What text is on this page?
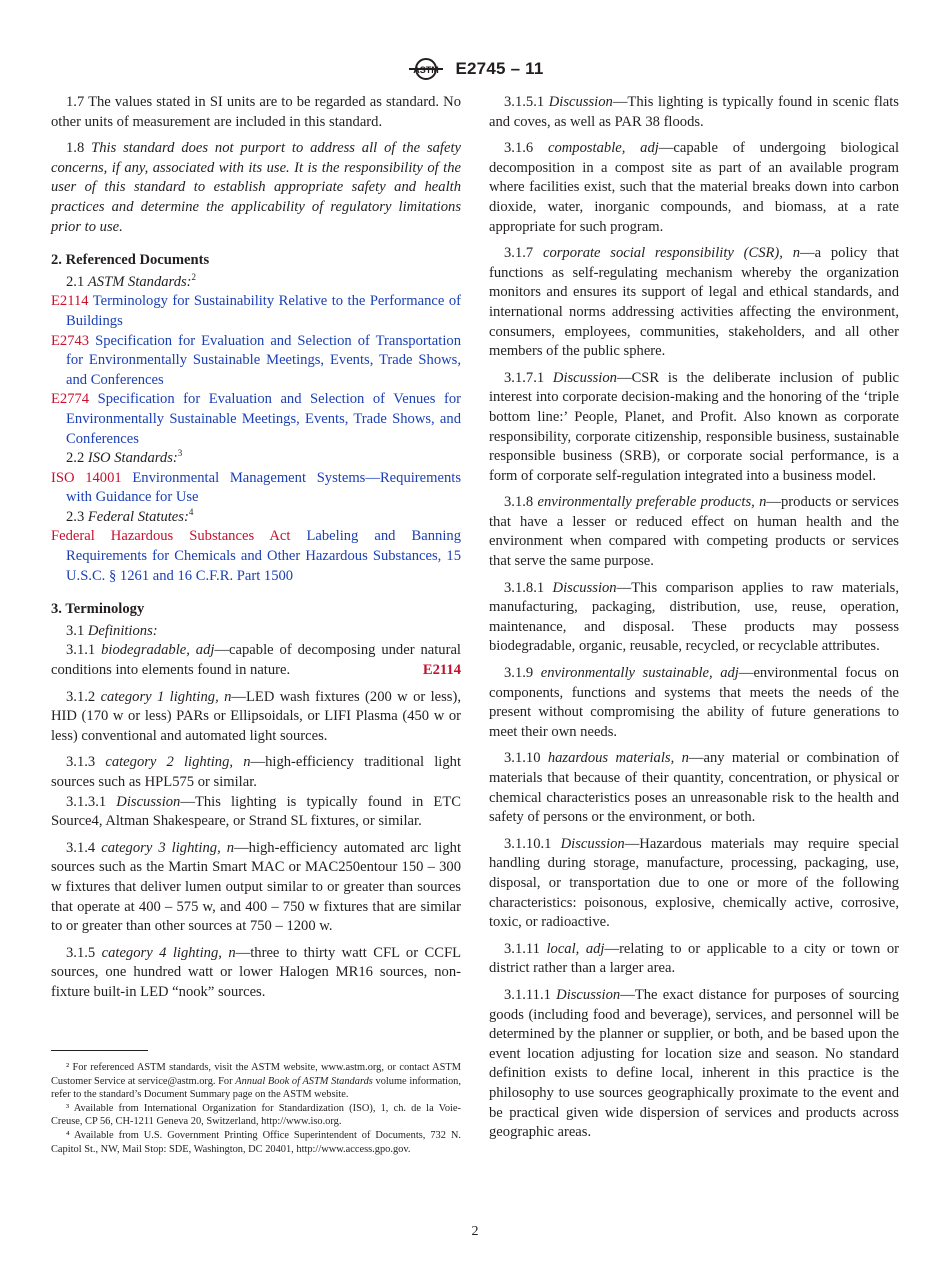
ASTM E2745 – 11

1.7 The values stated in SI units are to be regarded as standard. No other units of measurement are included in this standard.

1.8 This standard does not purport to address all of the safety concerns, if any, associated with its use. It is the responsibility of the user of this standard to establish appropriate safety and health practices and determine the applicability of regulatory limitations prior to use.

2. Referenced Documents

2.1 ASTM Standards:$^2$

E2114 Terminology for Sustainability Relative to the Performance of Buildings

E2743 Specification for Evaluation and Selection of Transportation for Environmentally Sustainable Meetings, Events, Trade Shows, and Conferences

E2774 Specification for Evaluation and Selection of Venues for Environmentally Sustainable Meetings, Events, Trade Shows, and Conferences

2.2 ISO Standards:$^3$

ISO 14001 Environmental Management Systems—Requirements with Guidance for Use

2.3 Federal Statutes:$^4$

Federal Hazardous Substances Act Labeling and Banning Requirements for Chemicals and Other Hazardous Substances, 15 U.S.C. § 1261 and 16 C.F.R. Part 1500

3. Terminology

3.1 Definitions:

3.1.1 biodegradable, adj—capable of decomposing under natural conditions into elements found in nature.	E2114

3.1.2 category 1 lighting, n—LED wash fixtures (200 w or less), HID (170 w or less) PARs or Ellipsoidals, or LIFI Plasma (450 w or less) conventional and automated light sources.

3.1.3 category 2 lighting, n—high-efficiency traditional light sources such as HPL575 or similar.

3.1.3.1 Discussion—This lighting is typically found in ETC Source4, Altman Shakespeare, or Strand SL fixtures, or similar.

3.1.4 category 3 lighting, n—high-efficiency automated arc light sources such as the Martin Smart MAC or MAC250entour 150 – 300 w fixtures that deliver lumen output similar to or greater than sources that operate at 400 – 575 w, and 400 – 750 w fixtures that are similar to or greater than other sources at 750 – 1200 w.

3.1.5 category 4 lighting, n—three to thirty watt CFL or CCFL sources, one hundred watt or lower Halogen MR16 sources, non-fixture built-in LED “nook” sources.

² For referenced ASTM standards, visit the ASTM website, www.astm.org, or contact ASTM Customer Service at service@astm.org. For Annual Book of ASTM Standards volume information, refer to the standard’s Document Summary page on the ASTM website.

³ Available from International Organization for Standardization (ISO), 1, ch. de la Voie-Creuse, CP 56, CH-1211 Geneva 20, Switzerland, http://www.iso.org.

⁴ Available from U.S. Government Printing Office Superintendent of Documents, 732 N. Capitol St., NW, Mail Stop: SDE, Washington, DC 20401, http://www.access.gpo.gov.

3.1.5.1 Discussion—This lighting is typically found in scenic flats and coves, as well as PAR 38 floods.

3.1.6 compostable, adj—capable of undergoing biological decomposition in a compost site as part of an available program where facilities exist, such that the material breaks down into carbon dioxide, water, inorganic compounds, and biomass, at a rate appropriate for such program.

3.1.7 corporate social responsibility (CSR), n—a policy that functions as self-regulating mechanism whereby the organization monitors and ensures its support of legal and ethical standards, and international norms addressing activities affecting the environment, consumers, employees, communities, stakeholders, and all other members of the public sphere.

3.1.7.1 Discussion—CSR is the deliberate inclusion of public interest into corporate decision-making and the honoring of the ‘triple bottom line:’ People, Planet, and Profit. Also known as corporate responsibility, corporate citizenship, responsible business, sustainable responsible business (SRB), or corporate social performance, is a form of corporate self-regulation integrated into a business model.

3.1.8 environmentally preferable products, n—products or services that have a lesser or reduced effect on human health and the environment when compared with competing products or services that serve the same purpose.

3.1.8.1 Discussion—This comparison applies to raw materials, manufacturing, packaging, distribution, use, reuse, operation, maintenance, and disposal. These products may possess biodegradable, organic, reusable, recycled, or recyclable attributes.

3.1.9 environmentally sustainable, adj—environmental focus on components, functions and systems that meets the needs of the present without compromising the ability of future generations to meet their own needs.

3.1.10 hazardous materials, n—any material or combination of materials that because of their quantity, concentration, or physical or chemical characteristics poses an unreasonable risk to the health and safety of persons or the environment, or both.

3.1.10.1 Discussion—Hazardous materials may require special handling during storage, manufacture, processing, packaging, use, disposal, or transportation due to one or more of the following characteristics: poisonous, explosive, chemically active, corrosive, toxic, or radioactive.

3.1.11 local, adj—relating to or applicable to a city or town or district rather than a larger area.

3.1.11.1 Discussion—The exact distance for purposes of sourcing goods (including food and beverage), services, and personnel will be determined by the planner or supplier, or both, and be based upon the event location adjusting for location size and season. No standard definition exists to define local, inherent in this practice is the philosophy to use sources geographically proximate to the event and be practical given wide dispersion of services and products across geographic areas.

2
